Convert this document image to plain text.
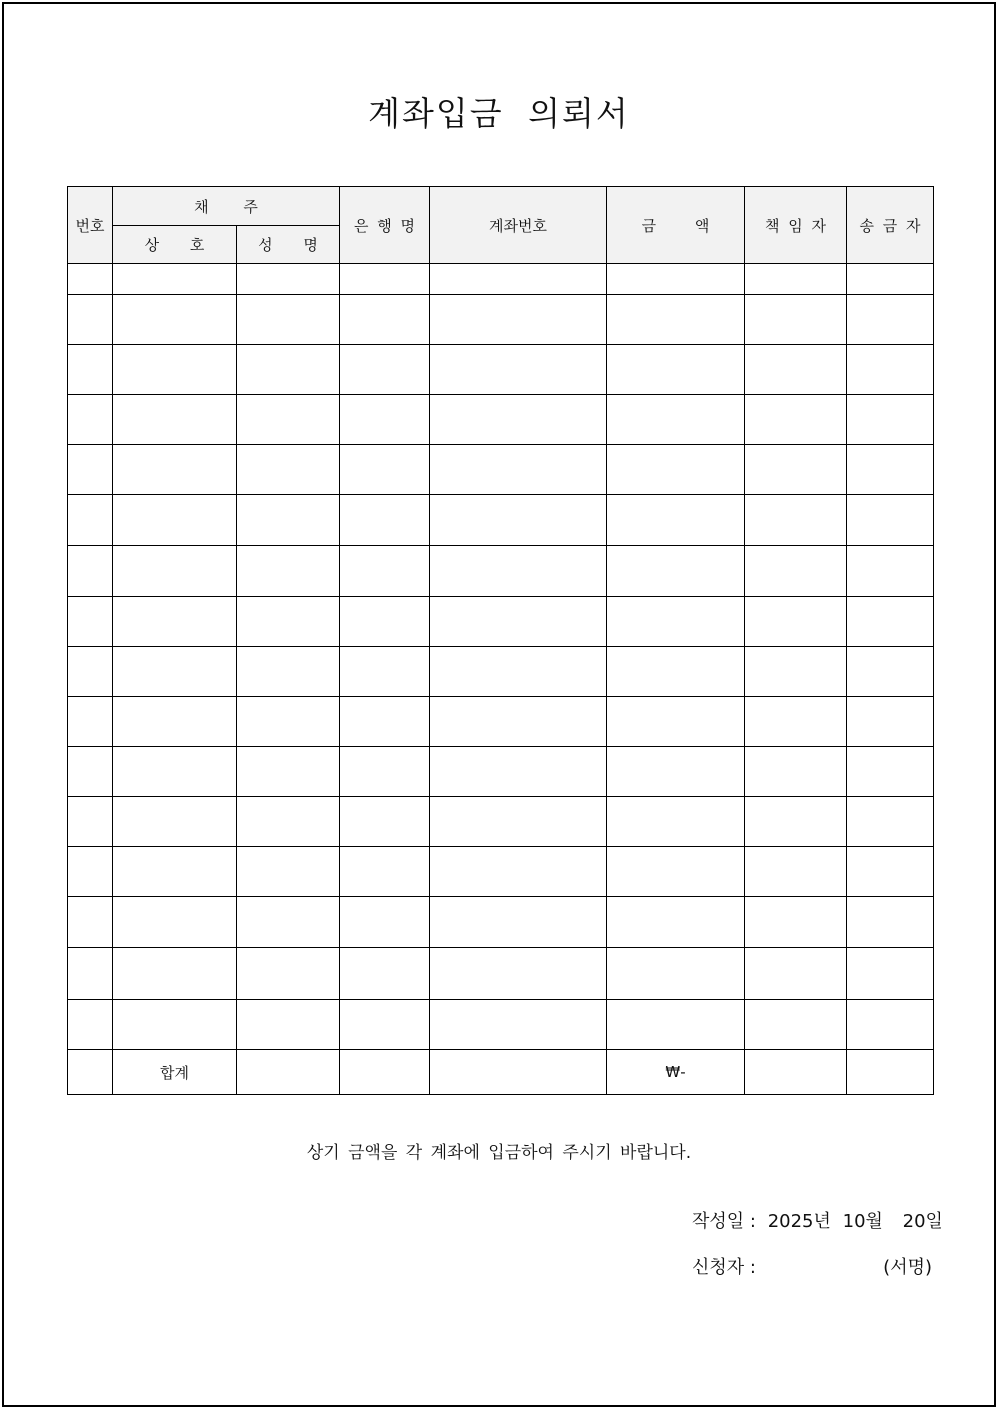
계좌입금 의뢰서
번호	채 주		은 행 명	계좌번호	금 액	책 임 자	송 금 자
	상 호	성 명					

	합계				₩-		
상기 금액을 각 계좌에 입금하여 주시기 바랍니다.
작성일 : 2025년 10월 20일
신청자 :	(서명)
